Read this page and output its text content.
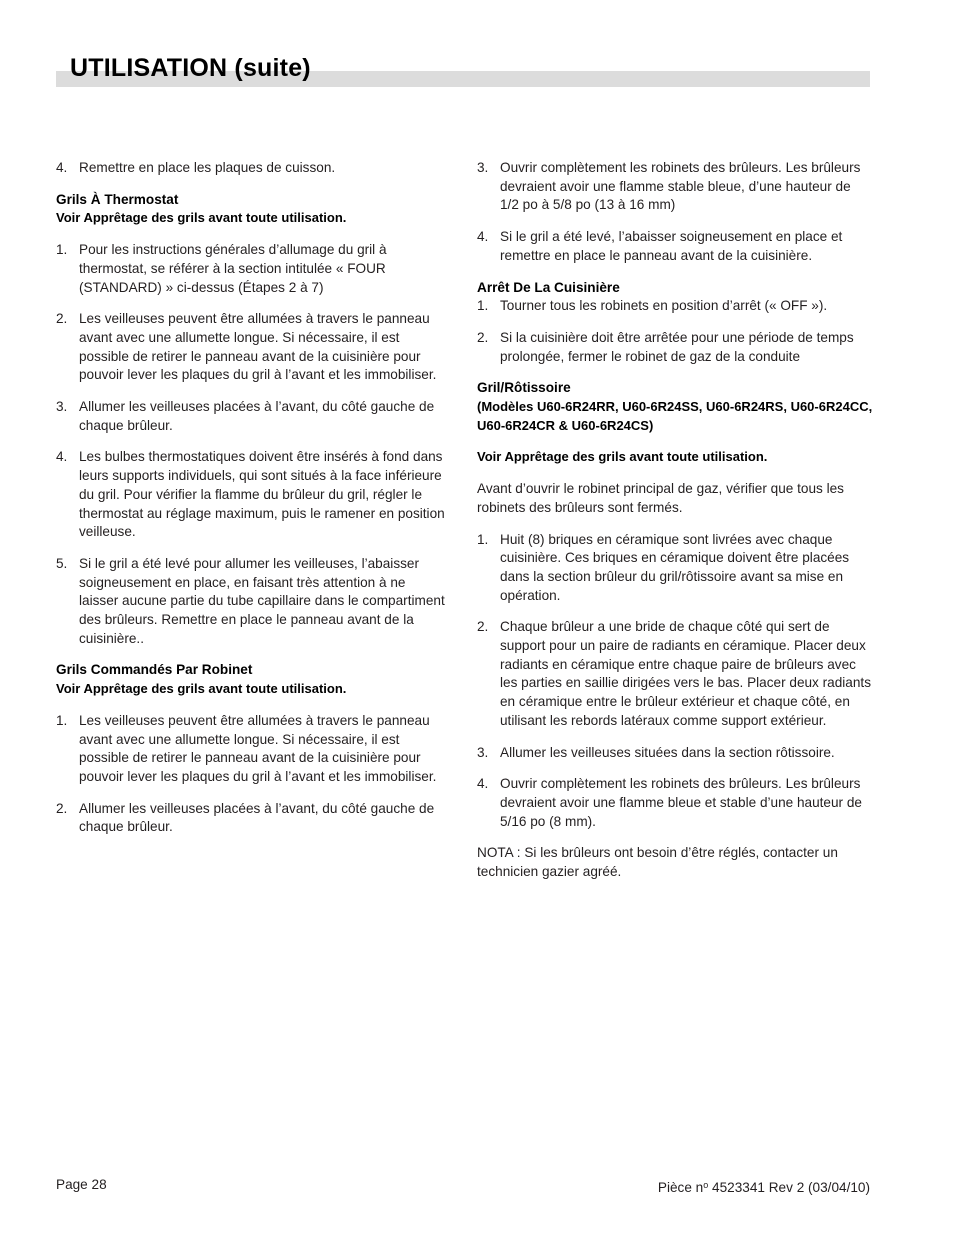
UTILISATION (suite)

4. Remettre en place les plaques de cuisson.

Grils À Thermostat

Voir Apprêtage des grils avant toute utilisation.

1. Pour les instructions générales d’allumage du gril à thermostat, se référer à la section intitulée « FOUR (STANDARD) » ci-dessus (Étapes 2 à 7)

2. Les veilleuses peuvent être allumées à travers le panneau avant avec une allumette longue. Si nécessaire, il est possible de retirer le panneau avant de la cuisinière pour pouvoir lever les plaques du gril à l’avant et les immobiliser.

3. Allumer les veilleuses placées à l’avant, du côté gauche de chaque brûleur.

4. Les bulbes thermostatiques doivent être insérés à fond dans leurs supports individuels, qui sont situés à la face inférieure du gril. Pour vérifier la flamme du brûleur du gril, régler le thermostat au réglage maximum, puis le ramener en position veilleuse.

5. Si le gril a été levé pour allumer les veilleuses, l’abaisser soigneusement en place, en faisant très attention à ne laisser aucune partie du tube capillaire dans le compartiment des brûleurs. Remettre en place le panneau avant de la cuisinière..

Grils Commandés Par Robinet

Voir Apprêtage des grils avant toute utilisation.

1. Les veilleuses peuvent être allumées à travers le panneau avant avec une allumette longue. Si nécessaire, il est possible de retirer le panneau avant de la cuisinière pour pouvoir lever les plaques du gril à l’avant et les immobiliser.

2. Allumer les veilleuses placées à l’avant, du côté gauche de chaque brûleur.

3. Ouvrir complètement les robinets des brûleurs. Les brûleurs devraient avoir une flamme stable bleue, d’une hauteur de 1/2 po à 5/8 po (13 à 16 mm)

4. Si le gril a été levé, l’abaisser soigneusement en place et remettre en place le panneau avant de la cuisinière.

Arrêt De La Cuisinière

1. Tourner tous les robinets en position d’arrêt (« OFF »).

2. Si la cuisinière doit être arrêtée pour une période de temps prolongée, fermer le robinet de gaz de la conduite

Gril/Rôtissoire

(Modèles U60-6R24RR, U60-6R24SS, U60-6R24RS, U60-6R24CC, U60-6R24CR & U60-6R24CS)

Voir Apprêtage des grils avant toute utilisation.

Avant d’ouvrir le robinet principal de gaz, vérifier que tous les robinets des brûleurs sont fermés.

1. Huit (8) briques en céramique sont livrées avec chaque cuisinière. Ces briques en céramique doivent être placées dans la section brûleur du gril/rôtissoire avant sa mise en opération.

2. Chaque brûleur a une bride de chaque côté qui sert de support pour un paire de radiants en céramique. Placer deux radiants en céramique entre chaque paire de brûleurs avec les parties en saillie dirigées vers le bas. Placer deux radiants en céramique entre le brûleur extérieur et chaque côté, en utilisant les rebords latéraux comme support extérieur.

3. Allumer les veilleuses situées dans la section rôtissoire.

4. Ouvrir complètement les robinets des brûleurs. Les brûleurs devraient avoir une flamme bleue et stable d’une hauteur de 5/16 po (8 mm).

NOTA : Si les brûleurs ont besoin d’être réglés, contacter un technicien gazier agréé.

Page 28	Pièce $n^o$ 4523341 Rev 2 (03/04/10)
